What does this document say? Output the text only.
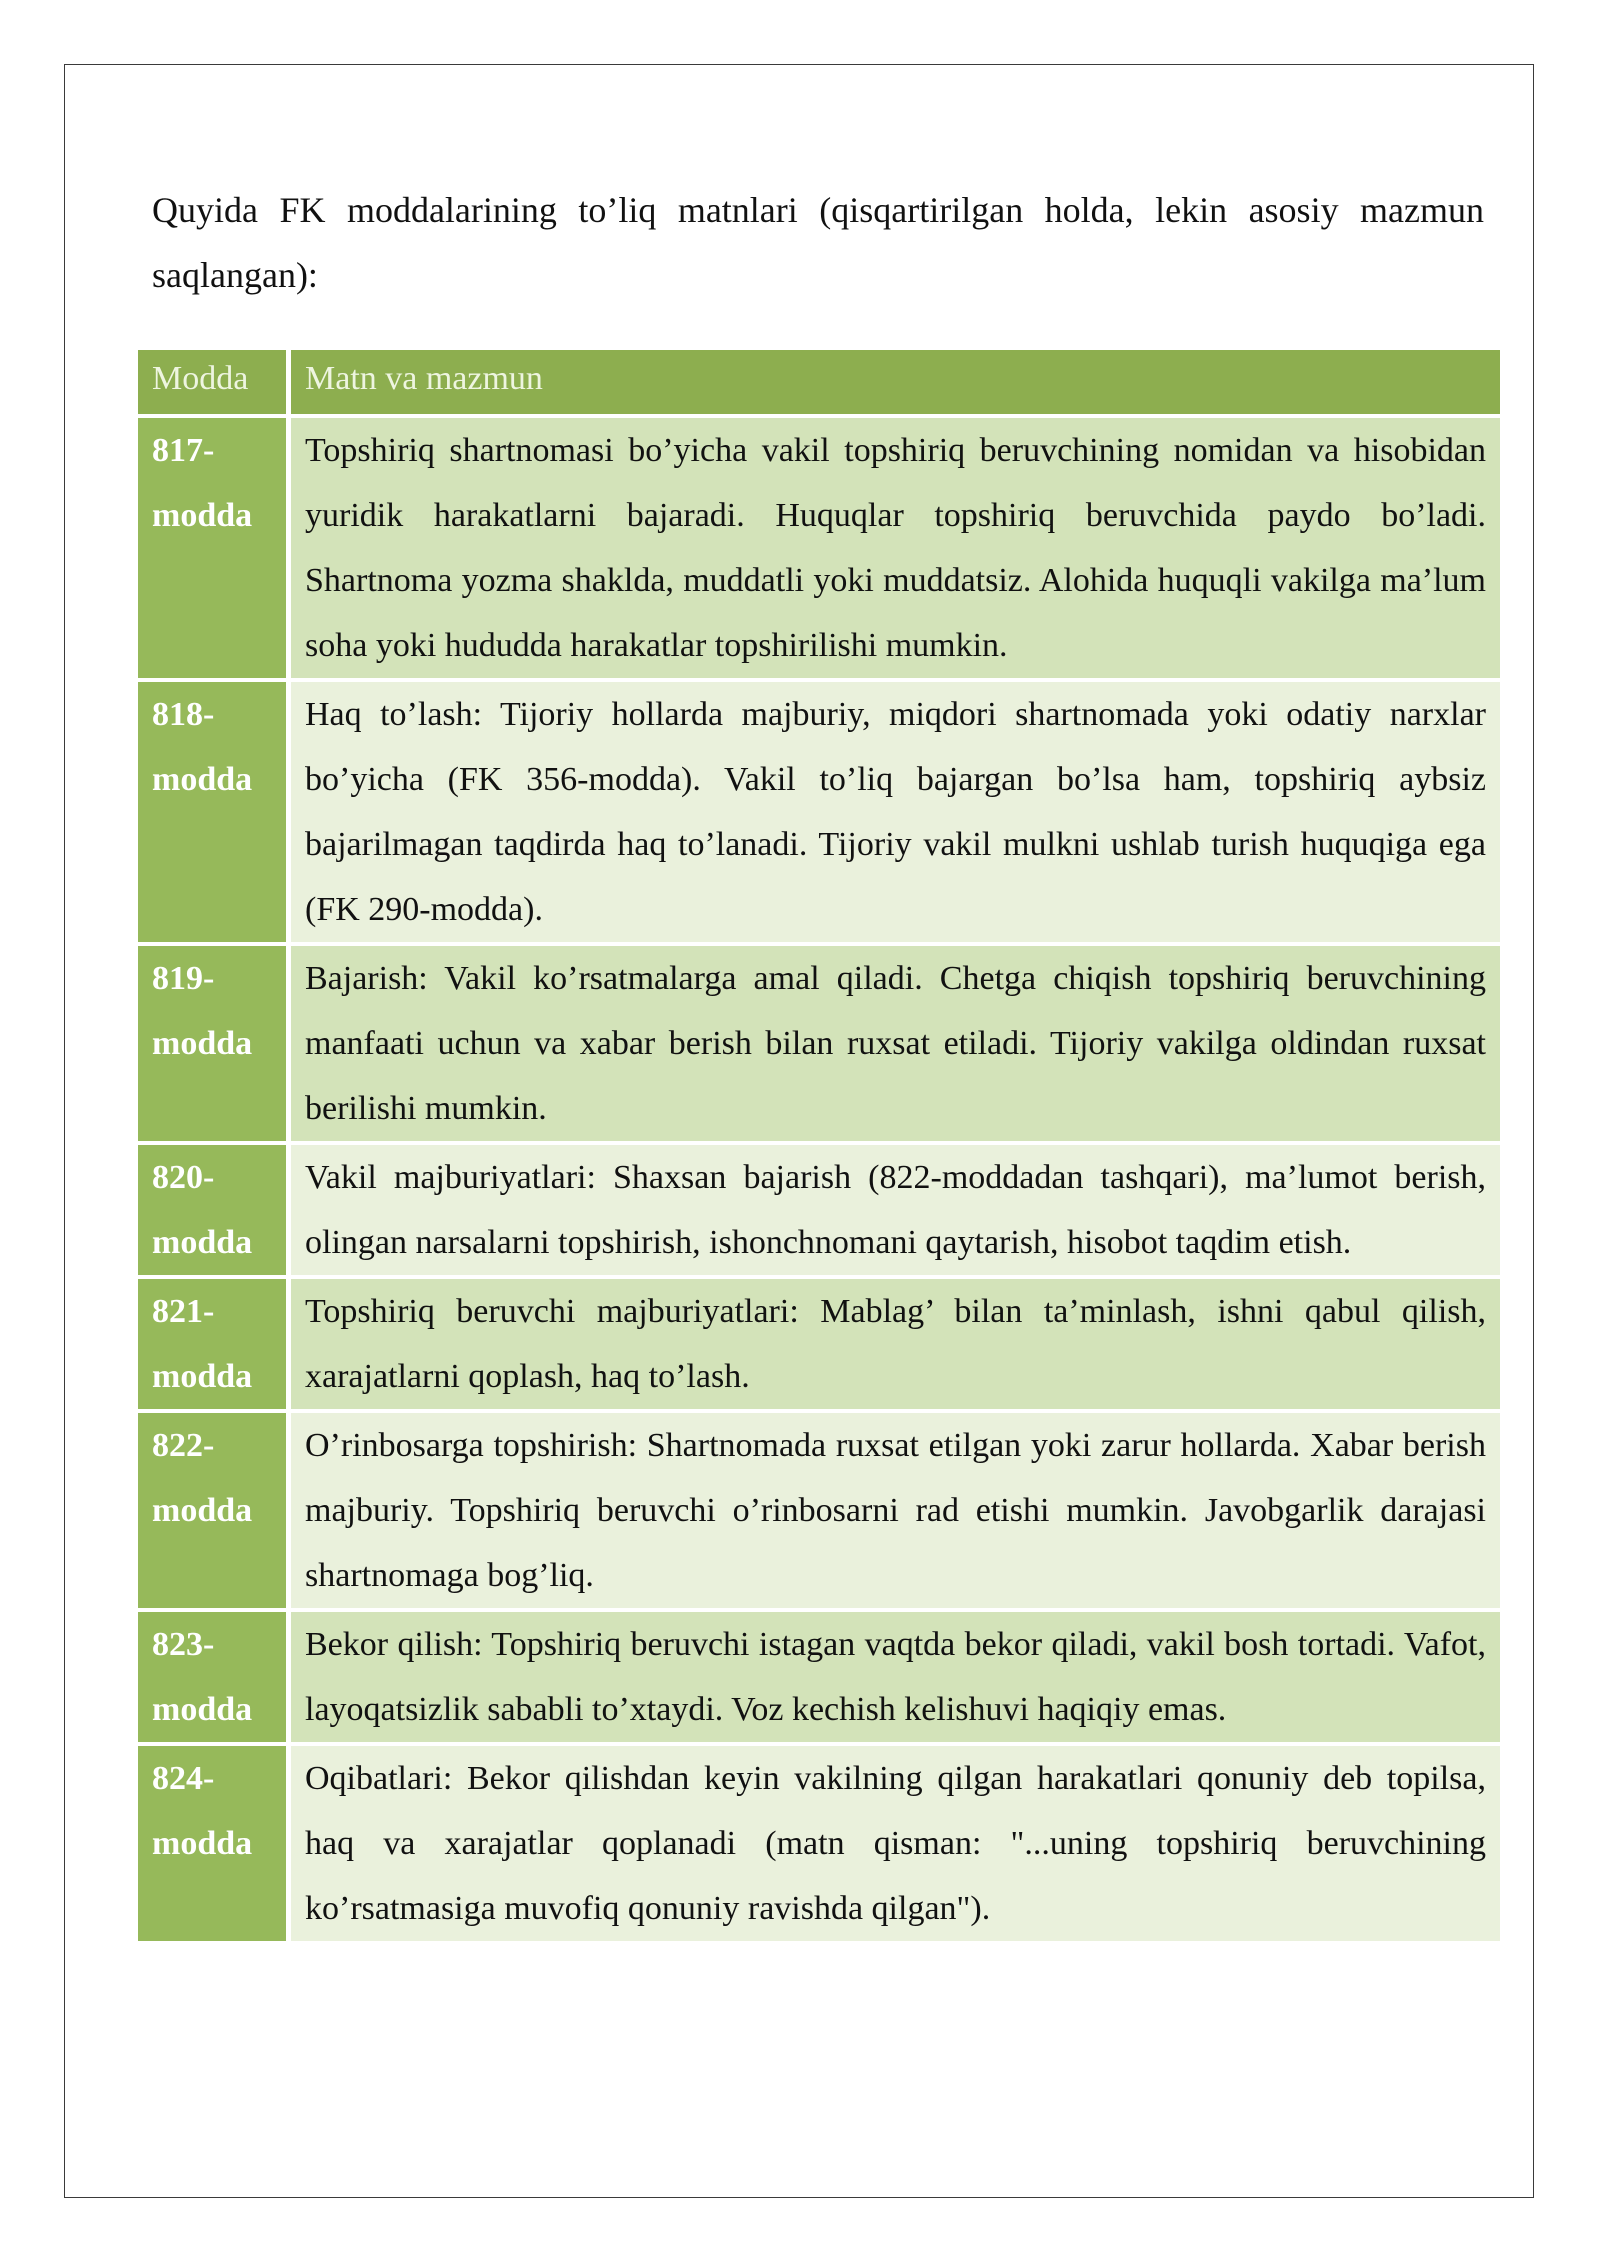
Quyida FK moddalarining to’liq matnlari (qisqartirilgan holda, lekin asosiy mazmun saqlangan):

Modda	Matn va mazmun
817-modda	Topshiriq shartnomasi bo’yicha vakil topshiriq beruvchining nomidan va hisobidan yuridik harakatlarni bajaradi. Huquqlar topshiriq beruvchida paydo bo’ladi. Shartnoma yozma shaklda, muddatli yoki muddatsiz. Alohida huquqli vakilga ma’lum soha yoki hududda harakatlar topshirilishi mumkin.
818-modda	Haq to’lash: Tijoriy hollarda majburiy, miqdori shartnomada yoki odatiy narxlar bo’yicha (FK 356-modda). Vakil to’liq bajargan bo’lsa ham, topshiriq aybsiz bajarilmagan taqdirda haq to’lanadi. Tijoriy vakil mulkni ushlab turish huquqiga ega (FK 290-modda).
819-modda	Bajarish: Vakil ko’rsatmalarga amal qiladi. Chetga chiqish topshiriq beruvchining manfaati uchun va xabar berish bilan ruxsat etiladi. Tijoriy vakilga oldindan ruxsat berilishi mumkin.
820-modda	Vakil majburiyatlari: Shaxsan bajarish (822-moddadan tashqari), ma’lumot berish, olingan narsalarni topshirish, ishonchnomani qaytarish, hisobot taqdim etish.
821-modda	Topshiriq beruvchi majburiyatlari: Mablag’ bilan ta’minlash, ishni qabul qilish, xarajatlarni qoplash, haq to’lash.
822-modda	O’rinbosarga topshirish: Shartnomada ruxsat etilgan yoki zarur hollarda. Xabar berish majburiy. Topshiriq beruvchi o’rinbosarni rad etishi mumkin. Javobgarlik darajasi shartnomaga bog’liq.
823-modda	Bekor qilish: Topshiriq beruvchi istagan vaqtda bekor qiladi, vakil bosh tortadi. Vafot, layoqatsizlik sababli to’xtaydi. Voz kechish kelishuvi haqiqiy emas.
824-modda	Oqibatlari: Bekor qilishdan keyin vakilning qilgan harakatlari qonuniy deb topilsa, haq va xarajatlar qoplanadi (matn qisman: "...uning topshiriq beruvchining ko’rsatmasiga muvofiq qonuniy ravishda qilgan").
